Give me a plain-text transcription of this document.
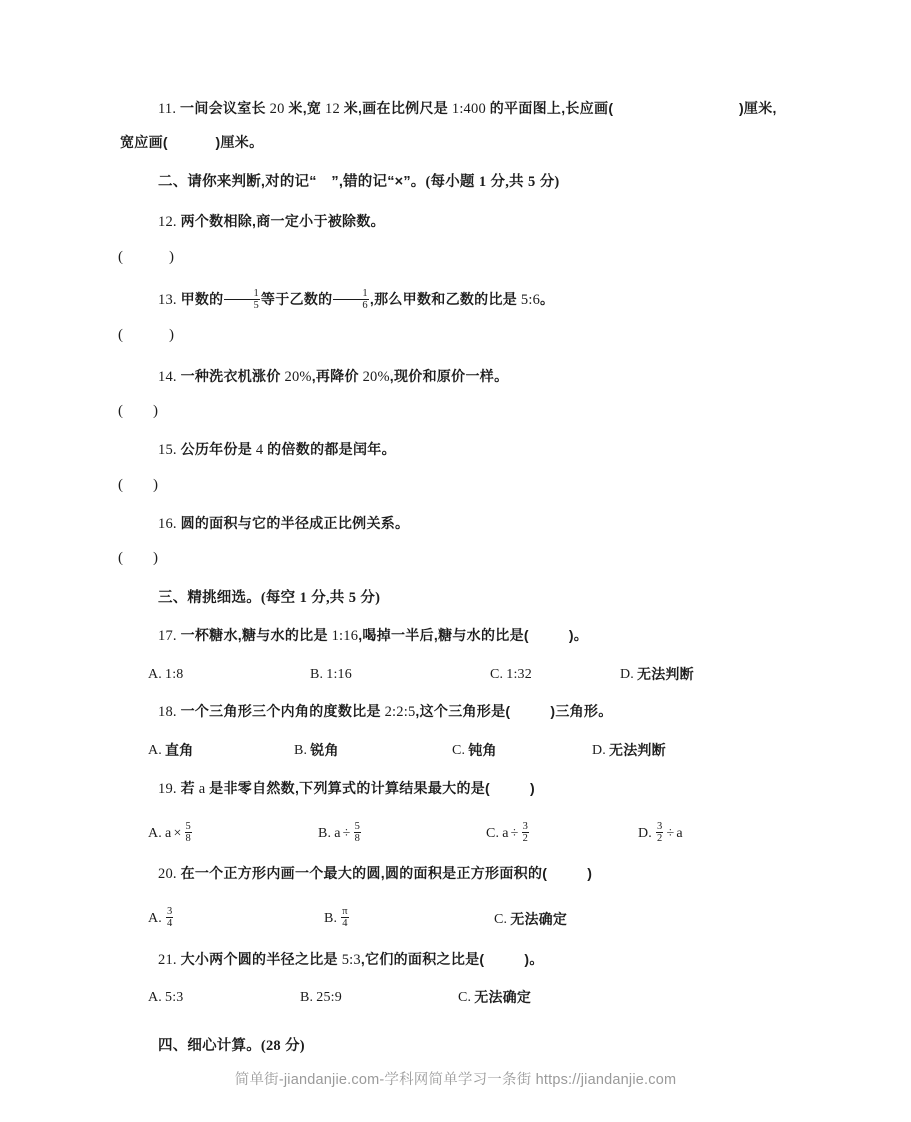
11. 一间会议室长 20 米,宽 12 米,画在比例尺是 1:400 的平面图上,长应画(	)厘米,
宽应画(	)厘米。
二、请你来判断,对的记“　 ”,错的记“×”。(每小题 1 分,共 5 分)
12. 两个数相除,商一定小于被除数。
(	)
13. 甲数的 $\frac{1}{5}$ 等于乙数的 $\frac{1}{6}$ ,那么甲数和乙数的比是 5:6。
(	)
14. 一种洗衣机涨价 20%,再降价 20%,现价和原价一样。
( )
15. 公历年份是 4 的倍数的都是闰年。
( )
16. 圆的面积与它的半径成正比例关系。
( )
三、精挑细选。(每空 1 分,共 5 分)
17. 一杯糖水,糖与水的比是 1:16,喝掉一半后,糖与水的比是(	)。
A. 1:8	B. 1:16	C. 1:32	D. 无法判断
18. 一个三角形三个内角的度数比是 2:2:5,这个三角形是(	)三角形。
A. 直角	B. 锐角	C. 钝角	D. 无法判断
19. 若 a 是非零自然数,下列算式的计算结果最大的是(	)
A. $a \times \frac{5}{8}$	B. $a \div \frac{5}{8}$	C. $a \div \frac{3}{2}$	D. $\frac{3}{2} \div a$
20. 在一个正方形内画一个最大的圆,圆的面积是正方形面积的(	)
A. $\frac{3}{4}$	B. $\frac{\pi}{4}$	C. 无法确定
21. 大小两个圆的半径之比是 5:3,它们的面积之比是(	)。
A. 5:3	B. 25:9	C. 无法确定
四、细心计算。(28 分)
简单街-jiandanjie.com-学科网简单学习一条街 https://jiandanjie.com
